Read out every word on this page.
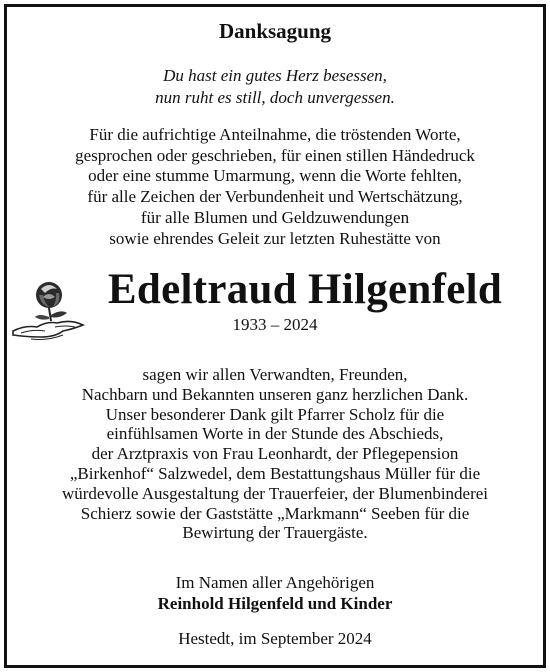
Danksagung
Du hast ein gutes Herz besessen,
nun ruht es still, doch unvergessen.
Für die aufrichtige Anteilnahme, die tröstenden Worte,
gesprochen oder geschrieben, für einen stillen Händedruck
oder eine stumme Umarmung, wenn die Worte fehlten,
für alle Zeichen der Verbundenheit und Wertschätzung,
für alle Blumen und Geldzuwendungen
sowie ehrendes Geleit zur letzten Ruhestätte von
Edeltraud Hilgenfeld
1933 – 2024
sagen wir allen Verwandten, Freunden,
Nachbarn und Bekannten unseren ganz herzlichen Dank.
Unser besonderer Dank gilt Pfarrer Scholz für die
einfühlsamen Worte in der Stunde des Abschieds,
der Arztpraxis von Frau Leonhardt, der Pflegepension
„Birkenhof“ Salzwedel, dem Bestattungshaus Müller für die
würdevolle Ausgestaltung der Trauerfeier, der Blumenbinderei
Schierz sowie der Gaststätte „Markmann“ Seeben für die
Bewirtung der Trauergäste.
Im Namen aller Angehörigen
Reinhold Hilgenfeld und Kinder
Hestedt, im September 2024
